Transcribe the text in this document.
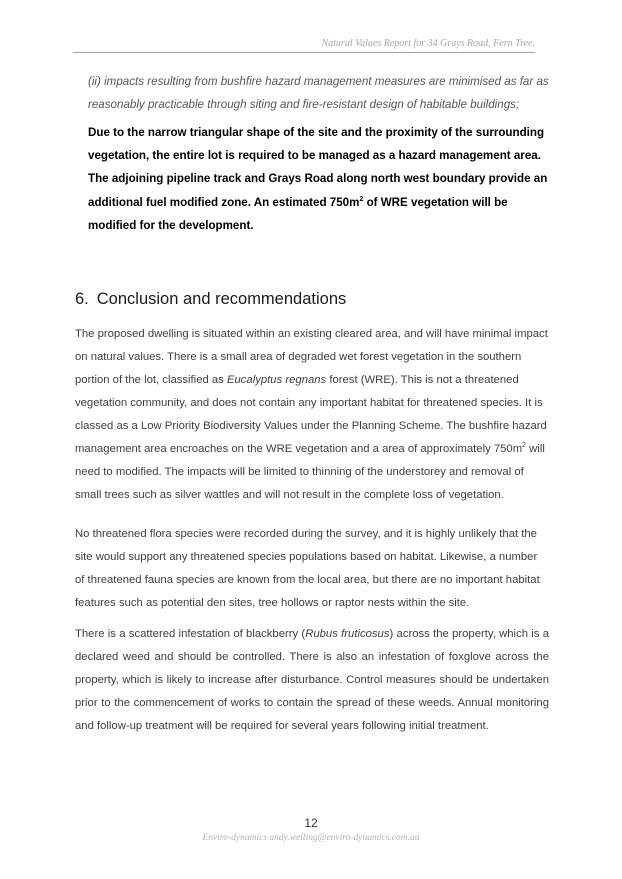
Natural Values Report for 34 Grays Road, Fern Tree.

(ii) impacts resulting from bushfire hazard management measures are minimised as far as reasonably practicable through siting and fire-resistant design of habitable buildings;

Due to the narrow triangular shape of the site and the proximity of the surrounding vegetation, the entire lot is required to be managed as a hazard management area. The adjoining pipeline track and Grays Road along north west boundary provide an additional fuel modified zone. An estimated $750m^2$ of WRE vegetation will be modified for the development.

6. Conclusion and recommendations

The proposed dwelling is situated within an existing cleared area, and will have minimal impact on natural values. There is a small area of degraded wet forest vegetation in the southern portion of the lot, classified as Eucalyptus regnans forest (WRE). This is not a threatened vegetation community, and does not contain any important habitat for threatened species. It is classed as a Low Priority Biodiversity Values under the Planning Scheme. The bushfire hazard management area encroaches on the WRE vegetation and a area of approximately $750m^2$ will need to modified. The impacts will be limited to thinning of the understorey and removal of small trees such as silver wattles and will not result in the complete loss of vegetation.

No threatened flora species were recorded during the survey, and it is highly unlikely that the site would support any threatened species populations based on habitat. Likewise, a number of threatened fauna species are known from the local area, but there are no important habitat features such as potential den sites, tree hollows or raptor nests within the site.

There is a scattered infestation of blackberry (Rubus fruticosus) across the property, which is a declared weed and should be controlled. There is also an infestation of foxglove across the property, which is likely to increase after disturbance. Control measures should be undertaken prior to the commencement of works to contain the spread of these weeds. Annual monitoring and follow-up treatment will be required for several years following initial treatment.

12
Enviro-dynamics andy.welling@enviro-dynamics.com.au
